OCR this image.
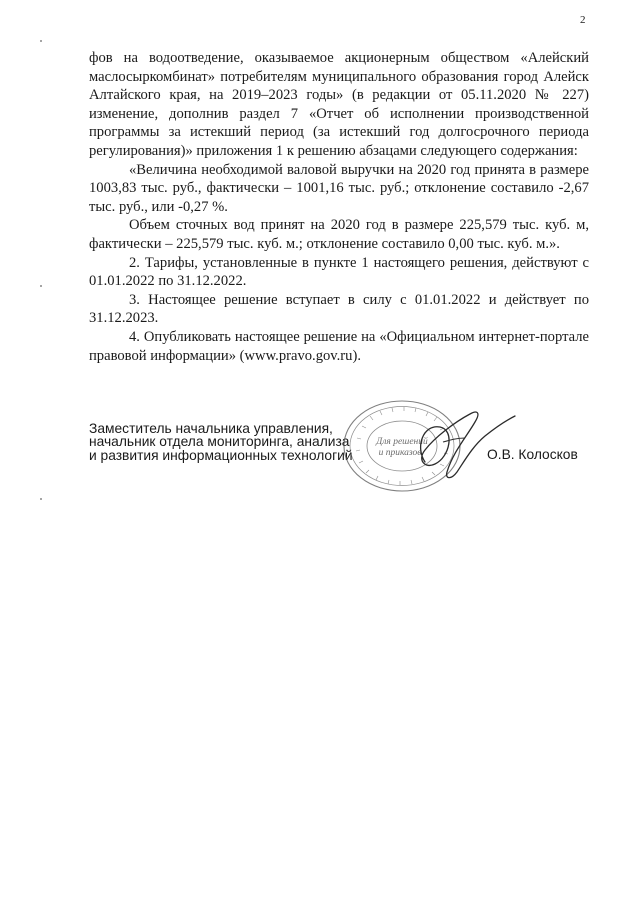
2

фов на водоотведение, оказываемое акционерным обществом «Алейский маслосыркомбинат» потребителям муниципального образования город Алейск Алтайского края, на 2019–2023 годы» (в редакции от 05.11.2020 № 227) изменение, дополнив раздел 7 «Отчет об исполнении производственной программы за истекший период (за истекший год долгосрочного периода регулирования)» приложения 1 к решению абзацами следующего содержания:

«Величина необходимой валовой выручки на 2020 год принята в размере 1003,83 тыс. руб., фактически – 1001,16 тыс. руб.; отклонение составило -2,67 тыс. руб., или -0,27 %.

Объем сточных вод принят на 2020 год в размере 225,579 тыс. куб. м, фактически – 225,579 тыс. куб. м.; отклонение составило 0,00 тыс. куб. м.».

2. Тарифы, установленные в пункте 1 настоящего решения, действуют с 01.01.2022 по 31.12.2022.

3. Настоящее решение вступает в силу с 01.01.2022 и действует по 31.12.2023.

4. Опубликовать настоящее решение на «Официальном интернет-портале правовой информации» (www.pravo.gov.ru).

Заместитель начальника управления,
начальник отдела мониторинга, анализа
и развития информационных технологий
Для решений
и приказов	О.В. Колосков
